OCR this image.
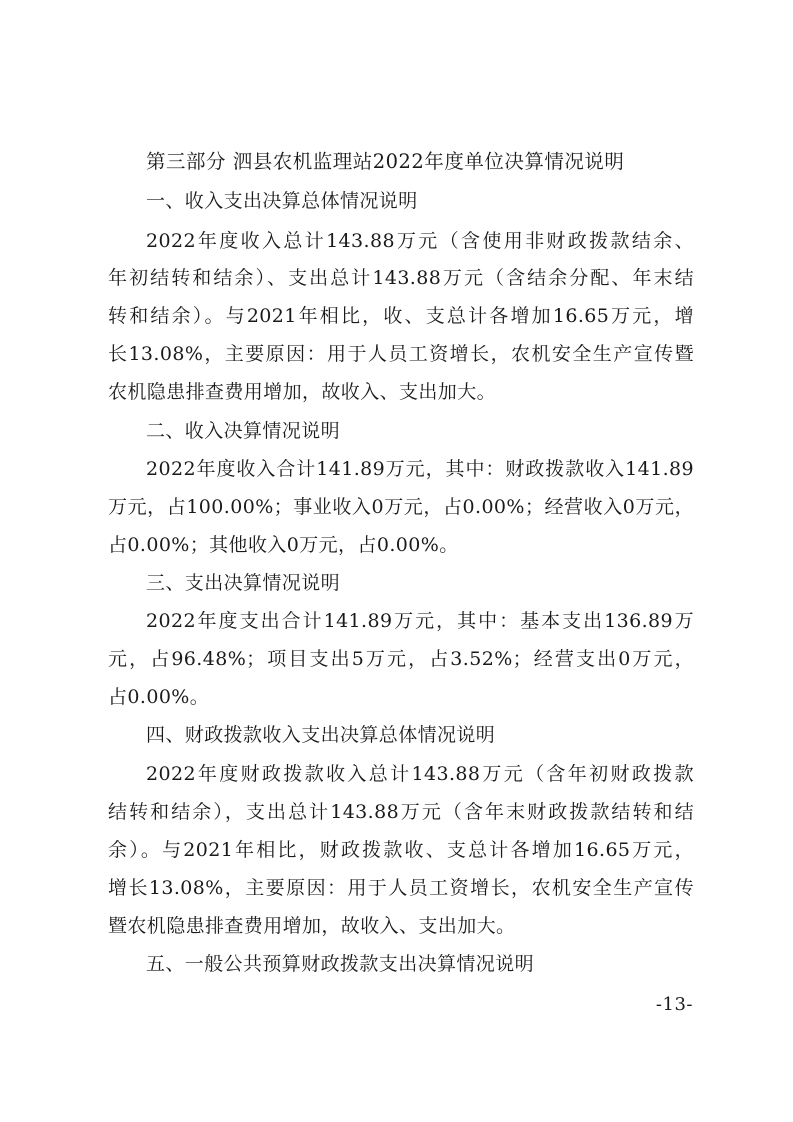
第三部分 泗县农机监理站2022年度单位决算情况说明
一、收入支出决算总体情况说明
2022年度收入总计143.88万元（含使用非财政拨款结余、
年初结转和结余）、支出总计143.88万元（含结余分配、年末结
转和结余）。与2021年相比，收、支总计各增加16.65万元，增
长13.08%，主要原因：用于人员工资增长，农机安全生产宣传暨
农机隐患排查费用增加，故收入、支出加大。
二、收入决算情况说明
2022年度收入合计141.89万元，其中：财政拨款收入141.89
万元，占100.00%；事业收入0万元，占0.00%；经营收入0万元，
占0.00%；其他收入0万元，占0.00%。
三、支出决算情况说明
2022年度支出合计141.89万元，其中：基本支出136.89万
元，占96.48%；项目支出5万元，占3.52%；经营支出0万元，
占0.00%。
四、财政拨款收入支出决算总体情况说明
2022年度财政拨款收入总计143.88万元（含年初财政拨款
结转和结余），支出总计143.88万元（含年末财政拨款结转和结
余）。与2021年相比，财政拨款收、支总计各增加16.65万元，
增长13.08%，主要原因：用于人员工资增长，农机安全生产宣传
暨农机隐患排查费用增加，故收入、支出加大。
五、一般公共预算财政拨款支出决算情况说明
-13-
